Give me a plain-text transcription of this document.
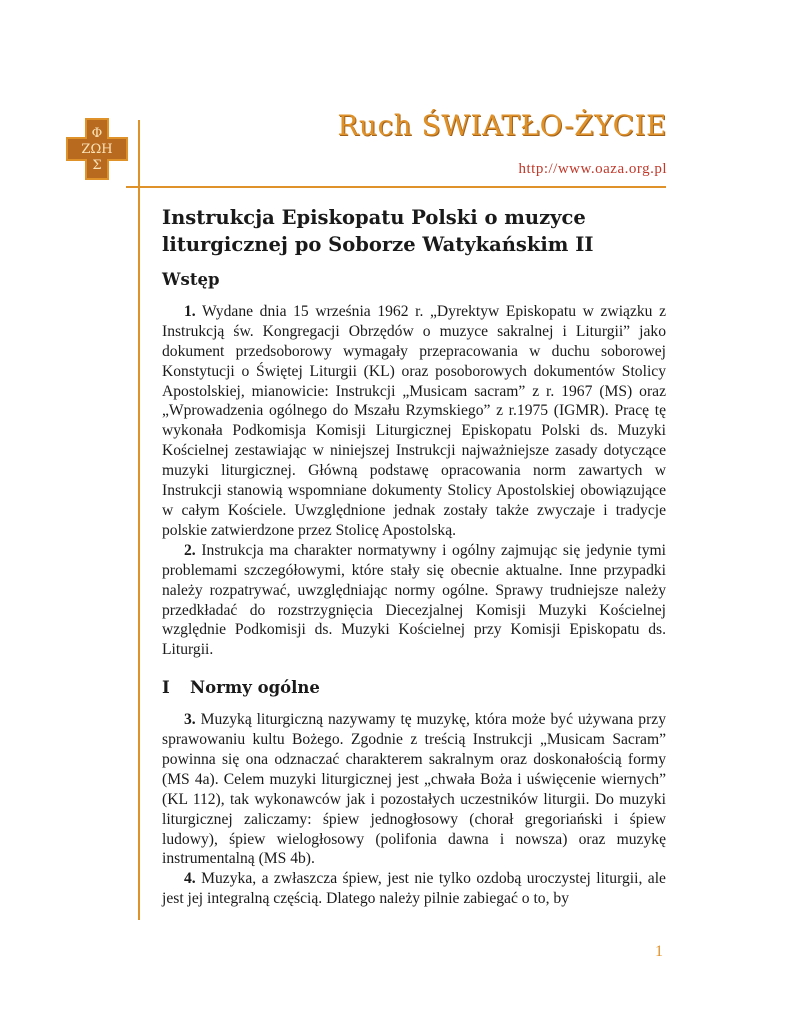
Φ
ΖΩΗ
Σ
Ruch ŚWIATŁO-ŻYCIE

http://www.oaza.org.pl

Instrukcja Episkopatu Polski o muzyce liturgicznej po Soborze Watykańskim II
Wstęp

1. Wydane dnia 15 września 1962 r. „Dyrektyw Episkopatu w związku z Instrukcją św. Kongregacji Obrzędów o muzyce sakralnej i Liturgii” jako dokument przedsoborowy wymagały przepracowania w duchu soborowej Konstytucji o Świętej Liturgii (KL) oraz posoborowych dokumentów Stolicy Apostolskiej, mianowicie: Instrukcji „Musicam sacram” z r. 1967 (MS) oraz „Wprowadzenia ogólnego do Mszału Rzymskiego” z r.1975 (IGMR). Pracę tę wykonała Podkomisja Komisji Liturgicznej Episkopatu Polski ds. Muzyki Kościelnej zestawiając w niniejszej Instrukcji najważniejsze zasady dotyczące muzyki liturgicznej. Główną podstawę opracowania norm zawartych w Instrukcji stanowią wspomniane dokumenty Stolicy Apostolskiej obowiązujące w całym Kościele. Uwzględnione jednak zostały także zwyczaje i tradycje polskie zatwierdzone przez Stolicę Apostolską.

2. Instrukcja ma charakter normatywny i ogólny zajmując się jedynie tymi problemami szczegółowymi, które stały się obecnie aktualne. Inne przypadki należy rozpatrywać, uwzględniając normy ogólne. Sprawy trudniejsze należy przedkładać do rozstrzygnięcia Diecezjalnej Komisji Muzyki Kościelnej względnie Podkomisji ds. Muzyki Kościelnej przy Komisji Episkopatu ds. Liturgii.

I Normy ogólne

3. Muzyką liturgiczną nazywamy tę muzykę, która może być używana przy sprawowaniu kultu Bożego. Zgodnie z treścią Instrukcji „Musicam Sacram” powinna się ona odznaczać charakterem sakralnym oraz doskonałością formy (MS 4a). Celem muzyki liturgicznej jest „chwała Boża i uświęcenie wiernych” (KL 112), tak wykonawców jak i pozostałych uczestników liturgii. Do muzyki liturgicznej zaliczamy: śpiew jednogłosowy (chorał gregoriański i śpiew ludowy), śpiew wielogłosowy (polifonia dawna i nowsza) oraz muzykę instrumentalną (MS 4b).

4. Muzyka, a zwłaszcza śpiew, jest nie tylko ozdobą uroczystej liturgii, ale jest jej integralną częścią. Dlatego należy pilnie zabiegać o to, by

1
